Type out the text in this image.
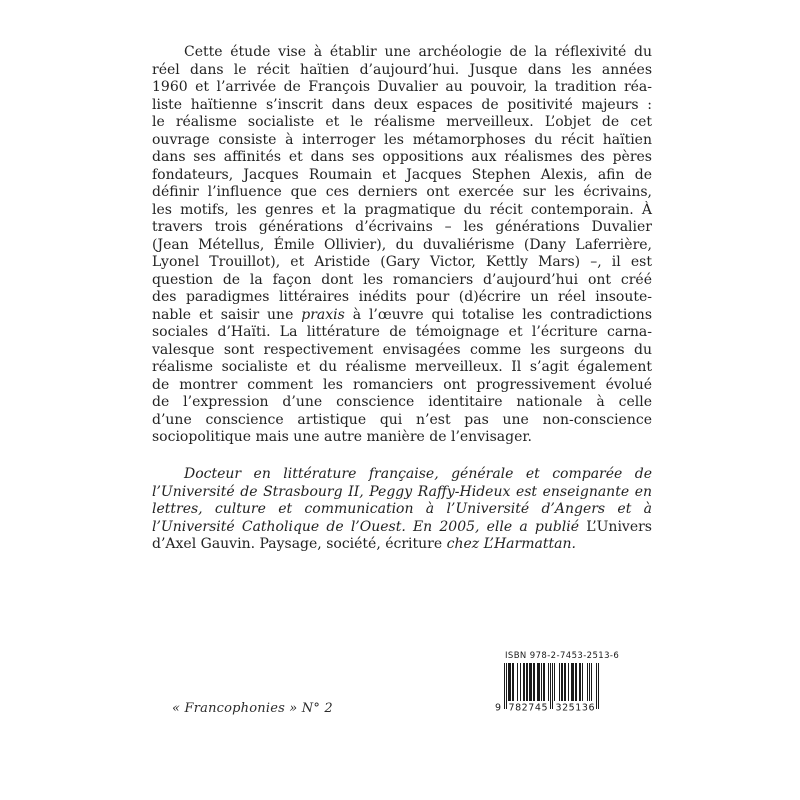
Cette étude vise à établir une archéologie de la réflexivité du
réel dans le récit haïtien d’aujourd’hui. Jusque dans les années
1960 et l’arrivée de François Duvalier au pouvoir, la tradition réa-
liste haïtienne s’inscrit dans deux espaces de positivité majeurs :
le réalisme socialiste et le réalisme merveilleux. L’objet de cet
ouvrage consiste à interroger les métamorphoses du récit haïtien
dans ses affinités et dans ses oppositions aux réalismes des pères
fondateurs, Jacques Roumain et Jacques Stephen Alexis, afin de
définir l’influence que ces derniers ont exercée sur les écrivains,
les motifs, les genres et la pragmatique du récit contemporain. À
travers trois générations d’écrivains – les générations Duvalier
(Jean Métellus, Émile Ollivier), du duvaliérisme (Dany Laferrière,
Lyonel Trouillot), et Aristide (Gary Victor, Kettly Mars) –, il est
question de la façon dont les romanciers d’aujourd’hui ont créé
des paradigmes littéraires inédits pour (d)écrire un réel insoute-
nable et saisir une praxis à l’œuvre qui totalise les contradictions
sociales d’Haïti. La littérature de témoignage et l’écriture carna-
valesque sont respectivement envisagées comme les surgeons du
réalisme socialiste et du réalisme merveilleux. Il s’agit également
de montrer comment les romanciers ont progressivement évolué
de l’expression d’une conscience identitaire nationale à celle
d’une conscience artistique qui n’est pas une non-conscience
sociopolitique mais une autre manière de l’envisager.
Docteur en littérature française, générale et comparée de
l’Université de Strasbourg II, Peggy Raffy-Hideux est enseignante en
lettres, culture et communication à l’Université d’Angers et à
l’Université Catholique de l’Ouest. En 2005, elle a publié L’Univers
d’Axel Gauvin. Paysage, société, écriture chez L’Harmattan.
« Francophonies » N° 2
ISBN 978-2-7453-2513-6
9 782745 325136
